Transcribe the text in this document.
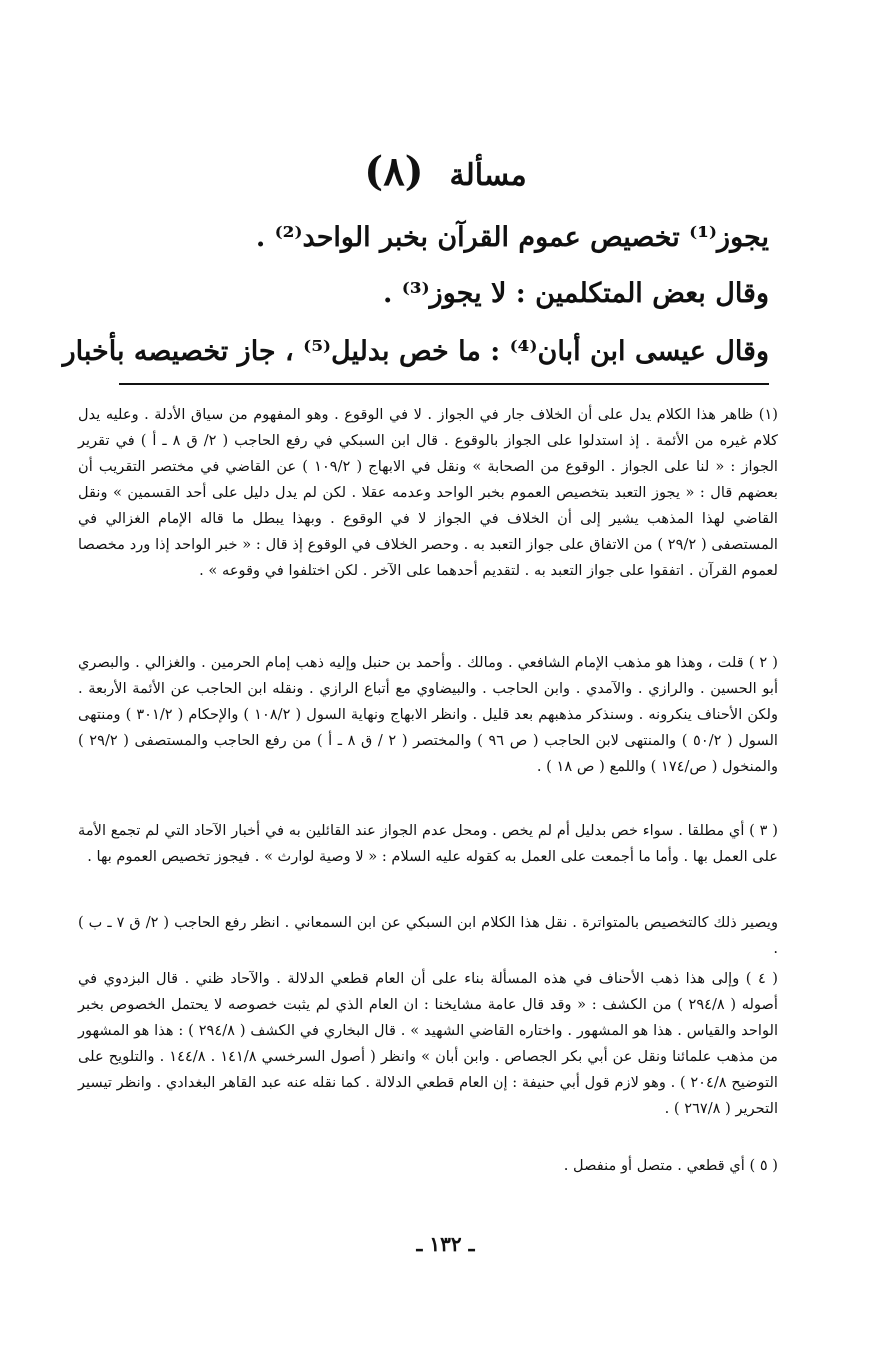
مسألة (٨)
يجوز⁽¹⁾ تخصيص عموم القرآن بخبر الواحد⁽²⁾ .
وقال بعض المتكلمين : لا يجوز⁽³⁾ .
وقال عيسى ابن أبان⁽⁴⁾ : ما خص بدليل⁽⁵⁾ ، جاز تخصيصه بأخبار
(١) ظاهر هذا الكلام يدل على أن الخلاف جار في الجواز . لا في الوقوع . وهو المفهوم من سياق الأدلة . وعليه يدل كلام غيره من الأئمة . إذ استدلوا على الجواز بالوقوع . قال ابن السبكي في رفع الحاجب ( ٢/ ق ٨ ـ أ ) في تقرير الجواز : « لنا على الجواز . الوقوع من الصحابة » ونقل في الابهاج ( ١٠٩/٢ ) عن القاضي في مختصر التقريب أن بعضهم قال : « يجوز التعبد بتخصيص العموم بخبر الواحد وعدمه عقلا . لكن لم يدل دليل على أحد القسمين » ونقل القاضي لهذا المذهب يشير إلى أن الخلاف في الجواز لا في الوقوع . وبهذا يبطل ما قاله الإمام الغزالي في المستصفى ( ٢٩/٢ ) من الاتفاق على جواز التعبد به . وحصر الخلاف في الوقوع إذ قال : « خبر الواحد إذا ورد مخصصا لعموم القرآن . اتفقوا على جواز التعبد به . لتقديم أحدهما على الآخر . لكن اختلفوا في وقوعه » .
( ٢ ) قلت ، وهذا هو مذهب الإمام الشافعي . ومالك . وأحمد بن حنبل وإليه ذهب إمام الحرمين . والغزالي . والبصري أبو الحسين . والرازي . والآمدي . وابن الحاجب . والبيضاوي مع أتباع الرازي . ونقله ابن الحاجب عن الأئمة الأربعة . ولكن الأحناف ينكرونه . وسنذكر مذهبهم بعد قليل . وانظر الابهاج ونهاية السول ( ١٠٨/٢ ) والإحكام ( ٣٠١/٢ ) ومنتهى السول ( ٥٠/٢ ) والمنتهى لابن الحاجب ( ص ٩٦ ) والمختصر ( ٢ / ق ٨ ـ أ ) من رفع الحاجب والمستصفى ( ٢٩/٢ ) والمنخول ( ص/١٧٤ ) واللمع ( ص ١٨ ) .
( ٣ ) أي مطلقا . سواء خص بدليل أم لم يخص . ومحل عدم الجواز عند القائلين به في أخبار الآحاد التي لم تجمع الأمة على العمل بها . وأما ما أجمعت على العمل به كقوله عليه السلام : « لا وصية لوارث » . فيجوز تخصيص العموم بها .
ويصير ذلك كالتخصيص بالمتواترة . نقل هذا الكلام ابن السبكي عن ابن السمعاني . انظر رفع الحاجب ( ٢/ ق ٧ ـ ب ) .
( ٤ ) وإلى هذا ذهب الأحناف في هذه المسألة بناء على أن العام قطعي الدلالة . والآحاد ظني . قال البزدوي في أصوله ( ٢٩٤/٨ ) من الكشف : « وقد قال عامة مشايخنا : ان العام الذي لم يثبت خصوصه لا يحتمل الخصوص بخبر الواحد والقياس . هذا هو المشهور . واختاره القاضي الشهيد » . قال البخاري في الكشف ( ٢٩٤/٨ ) : هذا هو المشهور من مذهب علمائنا ونقل عن أبي بكر الجصاص . وابن أبان » وانظر ( أصول السرخسي ١٤١/٨ . ١٤٤/٨ . والتلويح على التوضيح ٢٠٤/٨ ) . وهو لازم قول أبي حنيفة : إن العام قطعي الدلالة . كما نقله عنه عبد القاهر البغدادي . وانظر تيسير التحرير ( ٢٦٧/٨ ) .
( ٥ ) أي قطعي . متصل أو منفصل .
ـ ١٣٢ ـ
